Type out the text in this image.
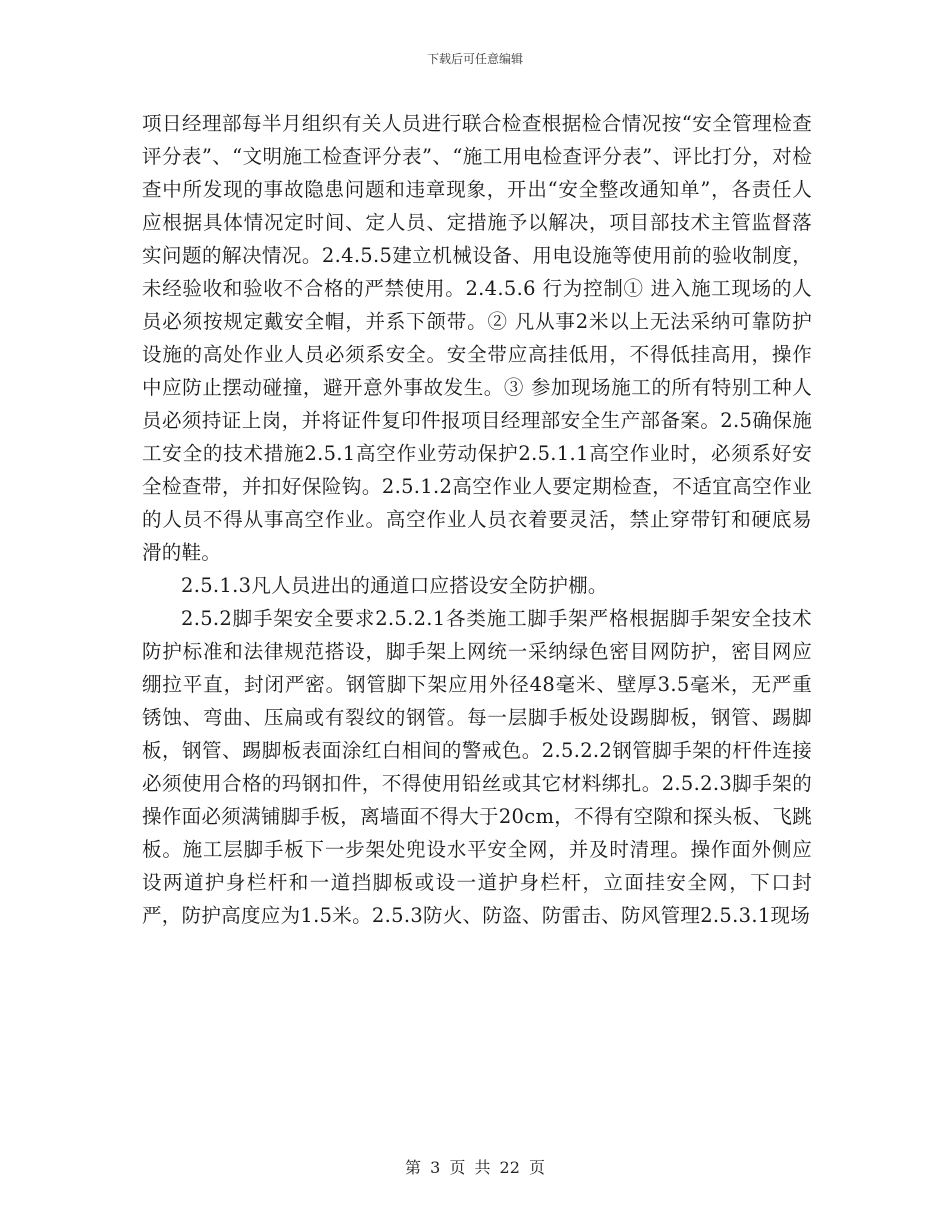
下载后可任意编辑

项日经理部每半月组织有关人员进行联合检查根据检合情况按“安全管理检查评分表”、“文明施工检查评分表”、“施工用电检查评分表”、评比打分，对检查中所发现的事故隐患问题和违章现象，开出“安全整改通知单”，各责任人应根据具体情况定时间、定人员、定措施予以解决，项目部技术主管监督落实问题的解决情况。2.4.5.5建立机械设备、用电设施等使用前的验收制度，未经验收和验收不合格的严禁使用。2.4.5.6 行为控制① 进入施工现场的人员必须按规定戴安全帽，并系下颌带。② 凡从事2米以上无法采纳可靠防护设施的高处作业人员必须系安全。安全带应高挂低用，不得低挂高用，操作中应防止摆动碰撞，避开意外事故发生。③ 参加现场施工的所有特别工种人员必须持证上岗，并将证件复印件报项目经理部安全生产部备案。2.5确保施工安全的技术措施2.5.1高空作业劳动保护2.5.1.1高空作业时，必须系好安全检查带，并扣好保险钩。2.5.1.2高空作业人要定期检查，不适宜高空作业的人员不得从事高空作业。高空作业人员衣着要灵活，禁止穿带钉和硬底易滑的鞋。

2.5.1.3凡人员进出的通道口应搭设安全防护棚。

2.5.2脚手架安全要求2.5.2.1各类施工脚手架严格根据脚手架安全技术防护标准和法律规范搭设，脚手架上网统一采纳绿色密目网防护，密目网应绷拉平直，封闭严密。钢管脚下架应用外径48毫米、壁厚3.5毫米，无严重锈蚀、弯曲、压扁或有裂纹的钢管。每一层脚手板处设踢脚板，钢管、踢脚板，钢管、踢脚板表面涂红白相间的警戒色。2.5.2.2钢管脚手架的杆件连接必须使用合格的玛钢扣件，不得使用铅丝或其它材料绑扎。2.5.2.3脚手架的操作面必须满铺脚手板，离墙面不得大于20cm，不得有空隙和探头板、飞跳板。施工层脚手板下一步架处兜设水平安全网，并及时清理。操作面外侧应设两道护身栏杆和一道挡脚板或设一道护身栏杆，立面挂安全网，下口封严，防护高度应为1.5米。2.5.3防火、防盗、防雷击、防风管理2.5.3.1现场

第 3 页 共 22 页
